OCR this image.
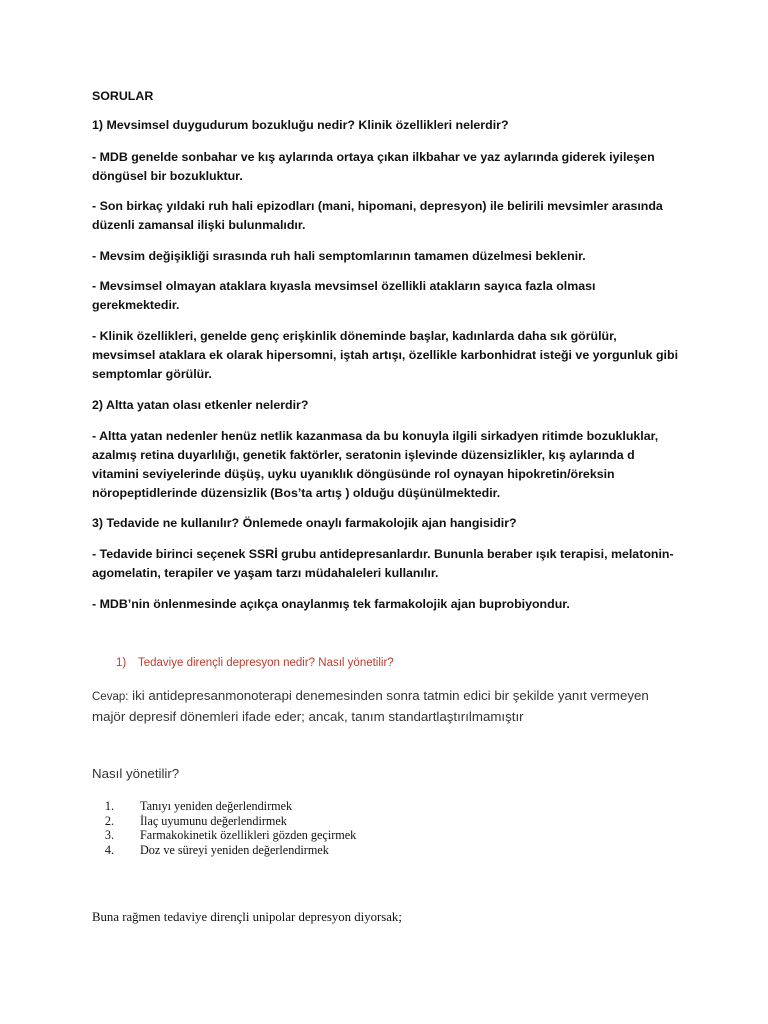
SORULAR
1) Mevsimsel duygudurum bozukluğu nedir? Klinik özellikleri nelerdir?
- MDB genelde sonbahar ve kış aylarında ortaya çıkan ilkbahar ve yaz aylarında giderek iyileşen döngüsel bir bozukluktur.
- Son birkaç yıldaki ruh hali epizodları (mani, hipomani, depresyon) ile belirili mevsimler arasında düzenli zamansal ilişki bulunmalıdır.
- Mevsim değişikliği sırasında ruh hali semptomlarının tamamen düzelmesi beklenir.
- Mevsimsel olmayan ataklara kıyasla mevsimsel özellikli atakların sayıca fazla olması gerekmektedir.
- Klinik özellikleri, genelde genç erişkinlik döneminde başlar, kadınlarda daha sık görülür, mevsimsel ataklara ek olarak hipersomni, iştah artışı, özellikle karbonhidrat isteği ve yorgunluk gibi semptomlar görülür.
2) Altta yatan olası etkenler nelerdir?
- Altta yatan nedenler henüz netlik kazanmasa da bu konuyla ilgili sirkadyen ritimde bozukluklar, azalmış retina duyarlılığı, genetik faktörler, seratonin işlevinde düzensizlikler, kış aylarında d vitamini seviyelerinde düşüş, uyku uyanıklık döngüsünde rol oynayan hipokretin/öreksin nöropeptidlerinde düzensizlik (Bos’ta artış ) olduğu düşünülmektedir.
3) Tedavide ne kullanılır? Önlemede onaylı farmakolojik ajan hangisidir?
- Tedavide birinci seçenek SSRİ grubu antidepresanlardır. Bununla beraber ışık terapisi, melatonin-agomelatin, terapiler ve yaşam tarzı müdahaleleri kullanılır.
- MDB’nin önlenmesinde açıkça onaylanmış tek farmakolojik ajan buprobiyondur.
1) Tedaviye dirençli depresyon nedir? Nasıl yönetilir?
Cevap: iki antidepresanmonoterapi denemesinden sonra tatmin edici bir şekilde yanıt vermeyen majör depresif dönemleri ifade eder; ancak, tanım standartlaştırılmamıştır
Nasıl yönetilir?
1. Tanıyı yeniden değerlendirmek
2. İlaç uyumunu değerlendirmek
3. Farmakokinetik özellikleri gözden geçirmek
4. Doz ve süreyi yeniden değerlendirmek
Buna rağmen tedaviye dirençli unipolar depresyon diyorsak;
